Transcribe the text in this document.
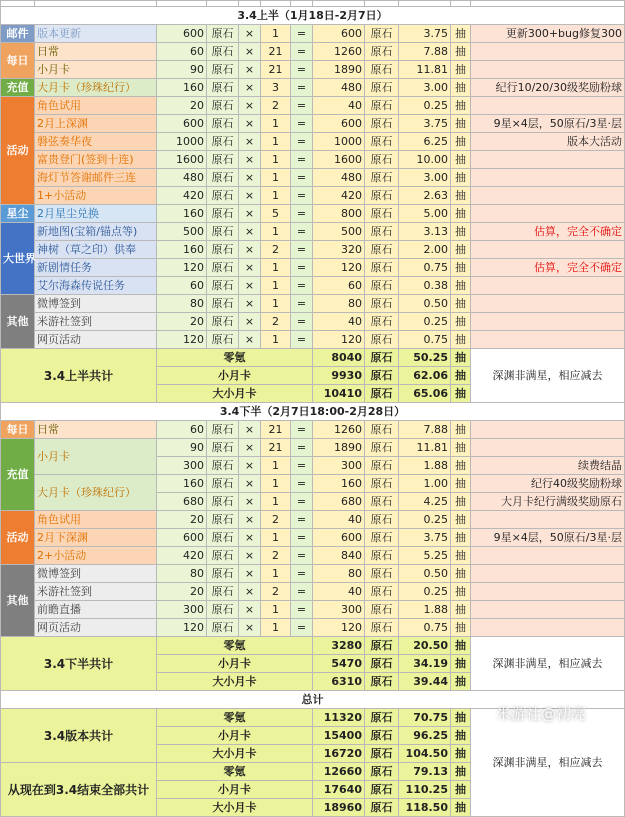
3.4上半（1月18日-2月7日）											
邮件	版本更新	600	原石	×	1	=	600	原石	3.75	抽	更新300+bug修复300
每日	日常	60	原石	×	21	=	1260	原石	7.88	抽	
	小月卡	90	原石	×	21	=	1890	原石	11.81	抽	
充值	大月卡（珍珠纪行）	160	原石	×	3	=	480	原石	3.00	抽	纪行10/20/30级奖励粉球
活动	角色试用	20	原石	×	2	=	40	原石	0.25	抽	
	2月上深渊	600	原石	×	1	=	600	原石	3.75	抽	9星×4层，50原石/3星·层
	磐弦奏华夜	1000	原石	×	1	=	1000	原石	6.25	抽	版本大活动
	富贵登门(签到十连)	1600	原石	×	1	=	1600	原石	10.00	抽	
	海灯节答谢邮件三连	480	原石	×	1	=	480	原石	3.00	抽	
	1+小活动	420	原石	×	1	=	420	原石	2.63	抽	
星尘	2月星尘兑换	160	原石	×	5	=	800	原石	5.00	抽	
大世界	新地图(宝箱/锚点等)	500	原石	×	1	=	500	原石	3.13	抽	估算，完全不确定
	神树（草之印）供奉	160	原石	×	2	=	320	原石	2.00	抽	
	新剧情任务	120	原石	×	1	=	120	原石	0.75	抽	估算，完全不确定
	艾尔海森传说任务	60	原石	×	1	=	60	原石	0.38	抽	
其他	微博签到	80	原石	×	1	=	80	原石	0.50	抽	
	米游社签到	20	原石	×	2	=	40	原石	0.25	抽	
	网页活动	120	原石	×	1	=	120	原石	0.75	抽	
3.4上半共计		零氪					8040	原石	50.25	抽	深渊非满星，相应减去
		小月卡					9930	原石	62.06	抽	
		大小月卡					10410	原石	65.06	抽	
3.4下半（2月7日18:00-2月28日）											
每日	日常	60	原石	×	21	=	1260	原石	7.88	抽	
充值	小月卡	90	原石	×	21	=	1890	原石	11.81	抽	
		300	原石	×	1	=	300	原石	1.88	抽	续费结晶
	大月卡（珍珠纪行）	160	原石	×	1	=	160	原石	1.00	抽	纪行40级奖励粉球
		680	原石	×	1	=	680	原石	4.25	抽	大月卡纪行满级奖励原石
活动	角色试用	20	原石	×	2	=	40	原石	0.25	抽	
	2月下深渊	600	原石	×	1	=	600	原石	3.75	抽	9星×4层，50原石/3星·层
	2+小活动	420	原石	×	2	=	840	原石	5.25	抽	
其他	微博签到	80	原石	×	1	=	80	原石	0.50	抽	
	米游社签到	20	原石	×	2	=	40	原石	0.25	抽	
	前瞻直播	300	原石	×	1	=	300	原石	1.88	抽	
	网页活动	120	原石	×	1	=	120	原石	0.75	抽	
3.4下半共计		零氪					3280	原石	20.50	抽	深渊非满星，相应减去
		小月卡					5470	原石	34.19	抽	
		大小月卡					6310	原石	39.44	抽	
总计											
3.4版本共计		零氪					11320	原石	70.75	抽	深渊非满星，相应减去
		小月卡					15400	原石	96.25	抽	
		大小月卡					16720	原石	104.50	抽	
从现在到3.4结束全部共计		零氪					12660	原石	79.13	抽	
		小月卡					17640	原石	110.25	抽	
		大小月卡					18960	原石	118.50	抽	
米游社@初亮
